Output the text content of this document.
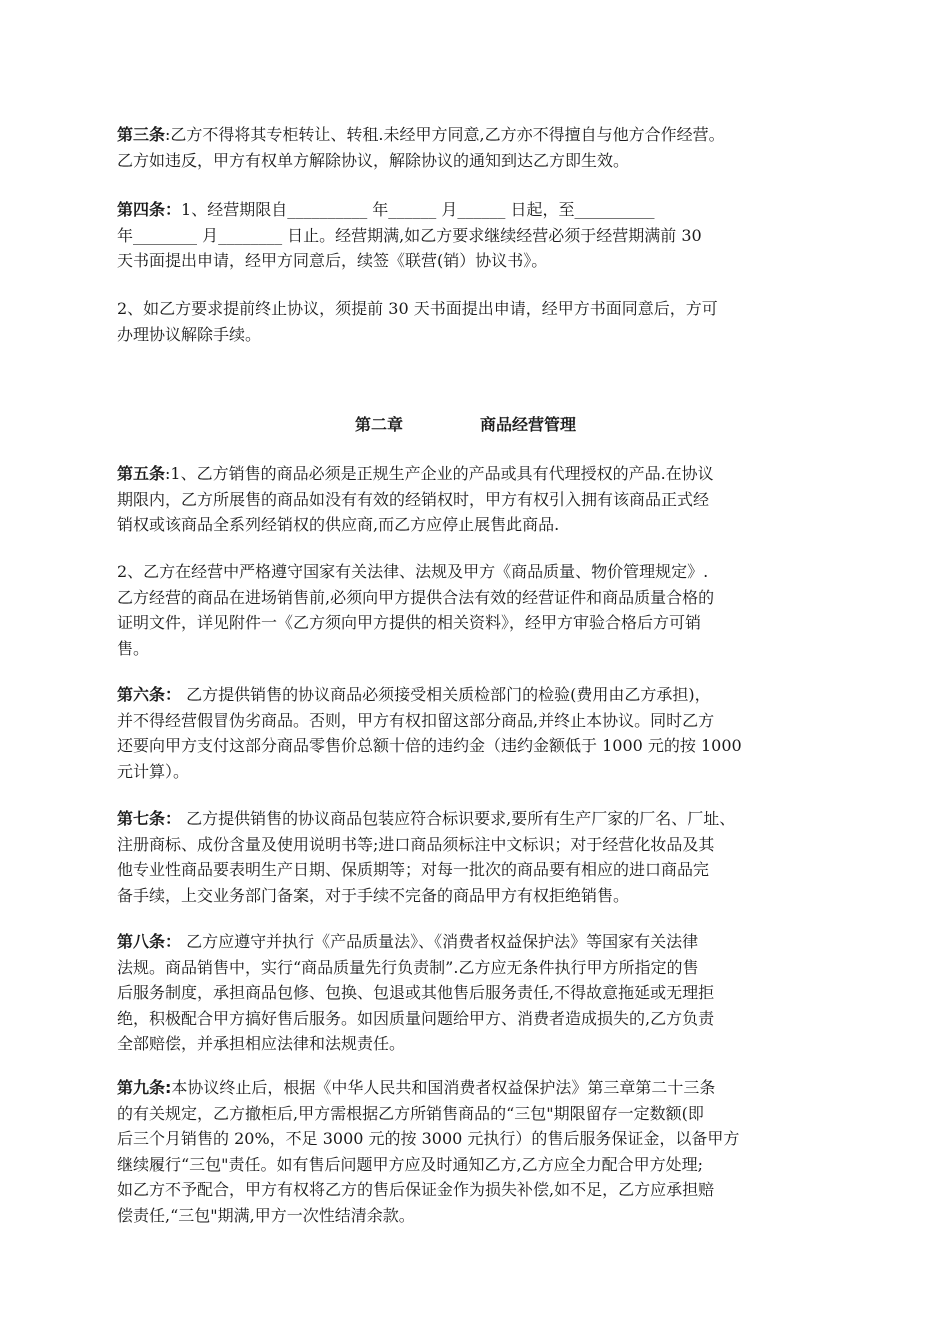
第三条:乙方不得将其专柜转让、转租.未经甲方同意,乙方亦不得擅自与他方合作经营。
乙方如违反，甲方有权单方解除协议，解除协议的通知到达乙方即生效。
第四条：1、经营期限自__________ 年______ 月______ 日起，至__________
年________ 月________ 日止。经营期满,如乙方要求继续经营必须于经营期满前 30
天书面提出申请，经甲方同意后，续签《联营(销）协议书》。
2、如乙方要求提前终止协议，须提前 30 天书面提出申请，经甲方书面同意后，方可
办理协议解除手续。
第二章	商品经营管理
第五条:1、乙方销售的商品必须是正规生产企业的产品或具有代理授权的产品.在协议
期限内，乙方所展售的商品如没有有效的经销权时，甲方有权引入拥有该商品正式经
销权或该商品全系列经销权的供应商,而乙方应停止展售此商品.
2、乙方在经营中严格遵守国家有关法律、法规及甲方《商品质量、物价管理规定》.
乙方经营的商品在进场销售前,必须向甲方提供合法有效的经营证件和商品质量合格的
证明文件，详见附件一《乙方须向甲方提供的相关资料》，经甲方审验合格后方可销
售。
第六条： 乙方提供销售的协议商品必须接受相关质检部门的检验(费用由乙方承担)，
并不得经营假冒伪劣商品。否则，甲方有权扣留这部分商品,并终止本协议。同时乙方
还要向甲方支付这部分商品零售价总额十倍的违约金（违约金额低于 1000 元的按 1000
元计算）。
第七条： 乙方提供销售的协议商品包装应符合标识要求,要所有生产厂家的厂名、厂址、
注册商标、成份含量及使用说明书等;进口商品须标注中文标识；对于经营化妆品及其
他专业性商品要表明生产日期、保质期等；对每一批次的商品要有相应的进口商品完
备手续，上交业务部门备案，对于手续不完备的商品甲方有权拒绝销售。
第八条： 乙方应遵守并执行《产品质量法》、《消费者权益保护法》等国家有关法律
法规。商品销售中，实行“商品质量先行负责制”.乙方应无条件执行甲方所指定的售
后服务制度，承担商品包修、包换、包退或其他售后服务责任,不得故意拖延或无理拒
绝，积极配合甲方搞好售后服务。如因质量问题给甲方、消费者造成损失的,乙方负责
全部赔偿，并承担相应法律和法规责任。
第九条:本协议终止后，根据《中华人民共和国消费者权益保护法》第三章第二十三条
的有关规定，乙方撤柜后,甲方需根据乙方所销售商品的“三包"期限留存一定数额(即
后三个月销售的 20%，不足 3000 元的按 3000 元执行）的售后服务保证金，以备甲方
继续履行“三包"责任。如有售后问题甲方应及时通知乙方,乙方应全力配合甲方处理;
如乙方不予配合，甲方有权将乙方的售后保证金作为损失补偿,如不足，乙方应承担赔
偿责任,“三包"期满,甲方一次性结清余款。
